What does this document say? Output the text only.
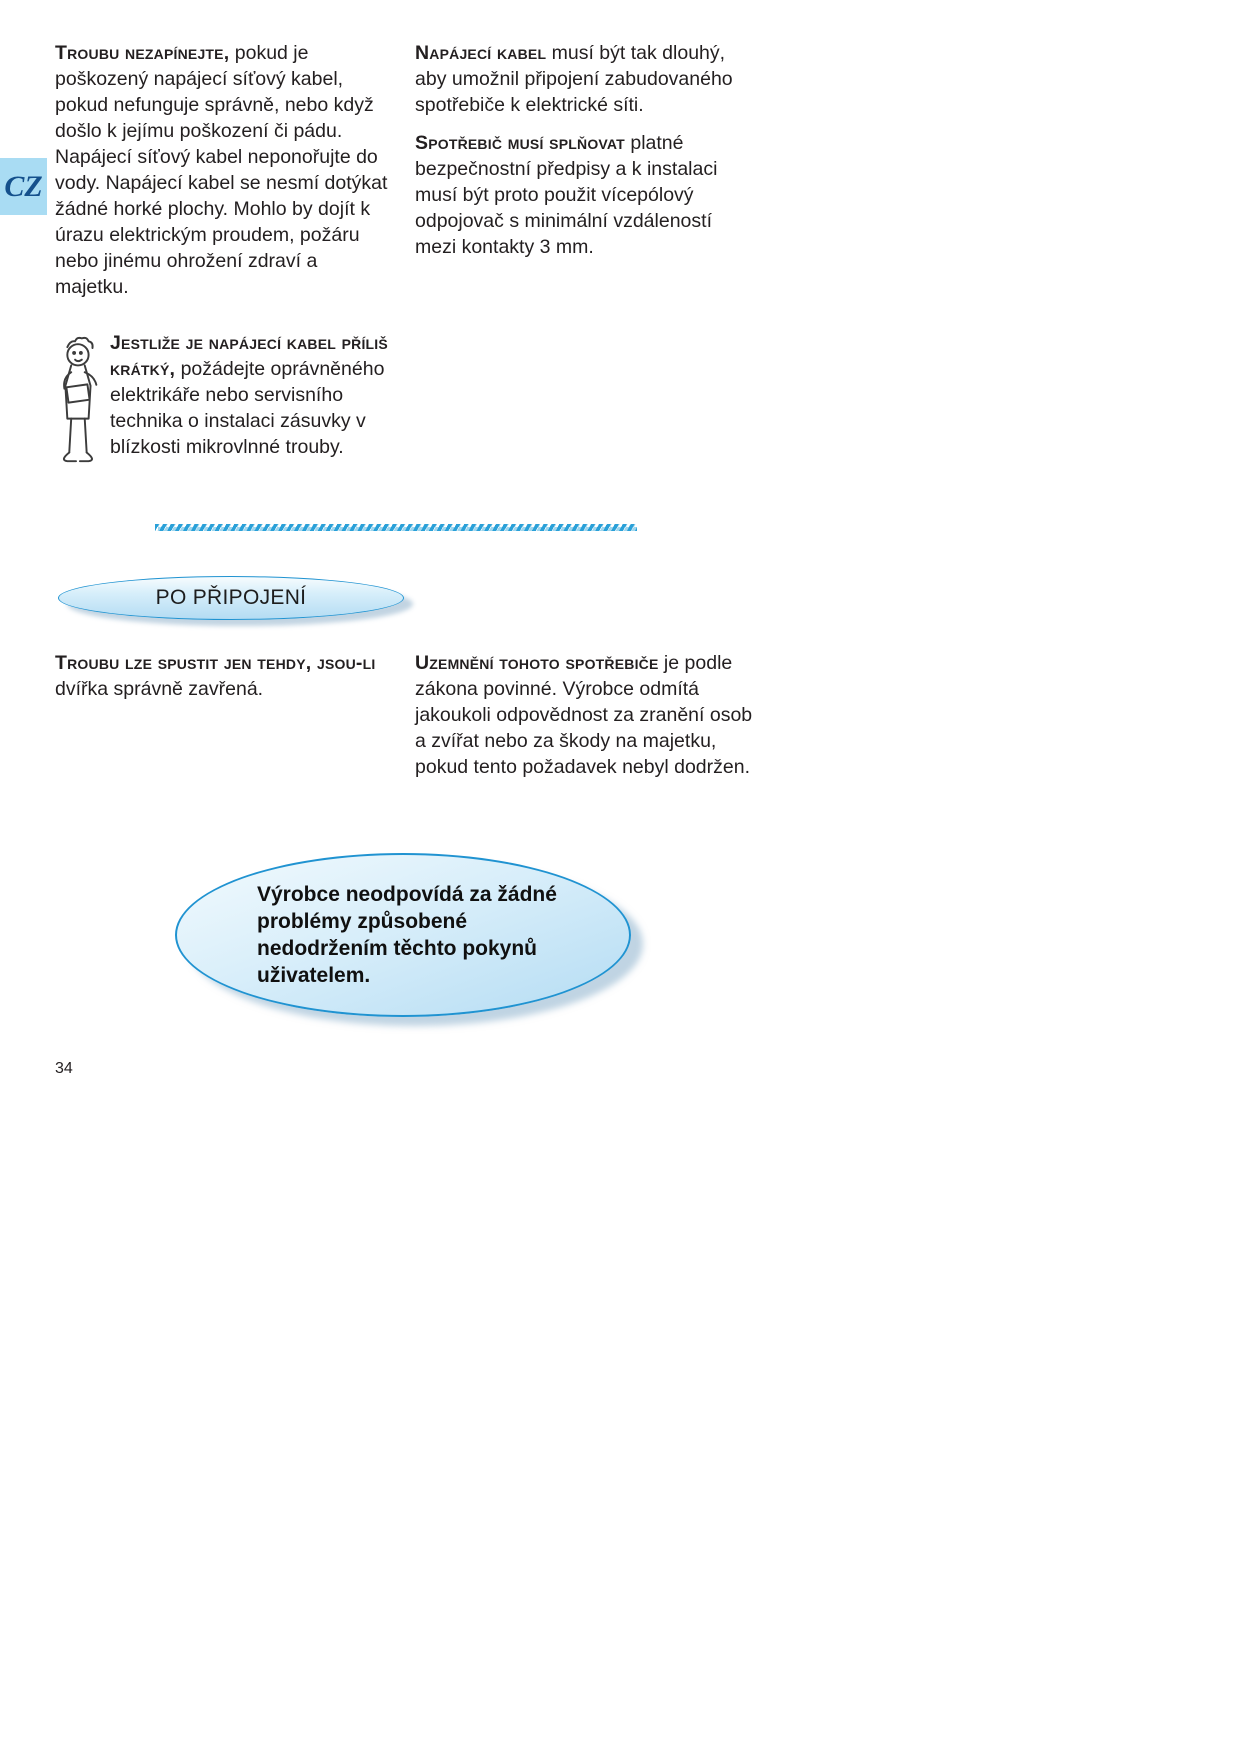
CZ

Troubu nezapínejte, pokud je poškozený napájecí síťový kabel, pokud nefunguje správně, nebo když došlo k jejímu poškození či pádu. Napájecí síťový kabel neponořujte do vody. Napájecí kabel se nesmí dotýkat žádné horké plochy. Mohlo by dojít k úrazu elektrickým proudem, požáru nebo jinému ohrožení zdraví a majetku.

Napájecí kabel musí být tak dlouhý, aby umožnil připojení zabudovaného spotřebiče k elektrické síti.

Spotřebič musí splňovat platné bezpečnostní předpisy a k instalaci musí být proto použit vícepólový odpojovač s minimální vzdáleností mezi kontakty 3 mm.

Jestliže je napájecí kabel příliš krátký, požádejte oprávněného elektrikáře nebo servisního technika o instalaci zásuvky v blízkosti mikrovlnné trouby.

PO PŘIPOJENÍ

Troubu lze spustit jen tehdy, jsou-li dvířka správně zavřená.

Uzemnění tohoto spotřebiče je podle zákona povinné. Výrobce odmítá jakoukoli odpovědnost za zranění osob a zvířat nebo za škody na majetku, pokud tento požadavek nebyl dodržen.

Výrobce neodpovídá za žádné problémy způsobené nedodržením těchto pokynů uživatelem.

34
